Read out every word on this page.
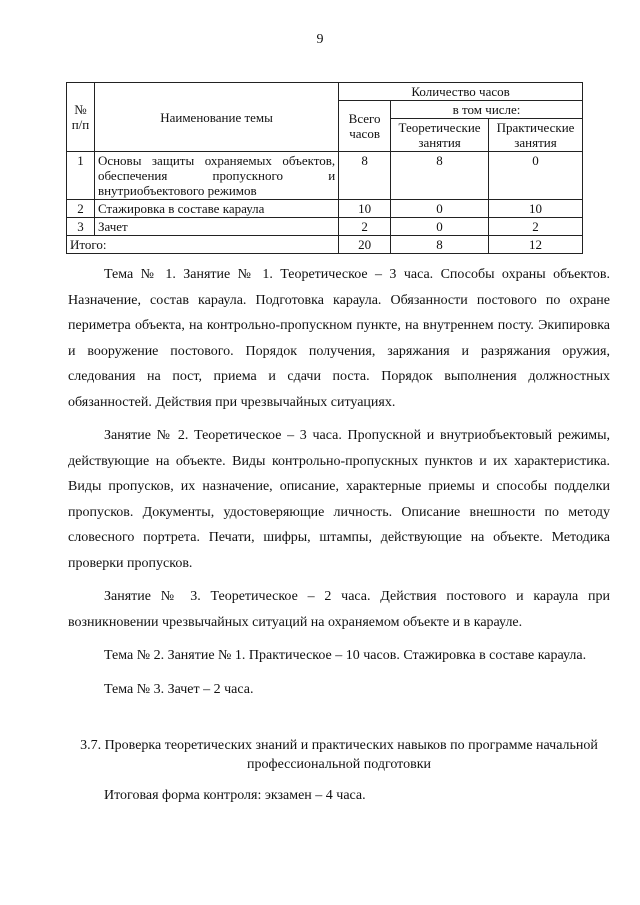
9
№ п/п	Наименование темы	Количество часов		
		Всего часов	в том числе:	
			Теоретические занятия	Практические занятия
1	Основы защиты охраняемых объектов, обеспечения пропускного и внутриобъектового режимов	8	8	0
2	Стажировка в составе караула	10	0	10
3	Зачет	2	0	2
Итого:		20	8	12

Тема № 1. Занятие № 1. Теоретическое – 3 часа. Способы охраны объектов. Назначение, состав караула. Подготовка караула. Обязанности постового по охране периметра объекта, на контрольно-пропускном пункте, на внутреннем посту. Экипировка и вооружение постового. Порядок получения, заряжания и разряжания оружия, следования на пост, приема и сдачи поста. Порядок выполнения должностных обязанностей. Действия при чрезвычайных ситуациях.

Занятие № 2. Теоретическое – 3 часа. Пропускной и внутриобъектовый режимы, действующие на объекте. Виды контрольно-пропускных пунктов и их характеристика. Виды пропусков, их назначение, описание, характерные приемы и способы подделки пропусков. Документы, удостоверяющие личность. Описание внешности по методу словесного портрета. Печати, шифры, штампы, действующие на объекте. Методика проверки пропусков.

Занятие № 3. Теоретическое – 2 часа. Действия постового и караула при возникновении чрезвычайных ситуаций на охраняемом объекте и в карауле.

Тема № 2. Занятие № 1. Практическое – 10 часов. Стажировка в составе караула.

Тема № 3. Зачет – 2 часа.

3.7. Проверка теоретических знаний и практических навыков по программе начальной профессиональной подготовки
Итоговая форма контроля: экзамен – 4 часа.
